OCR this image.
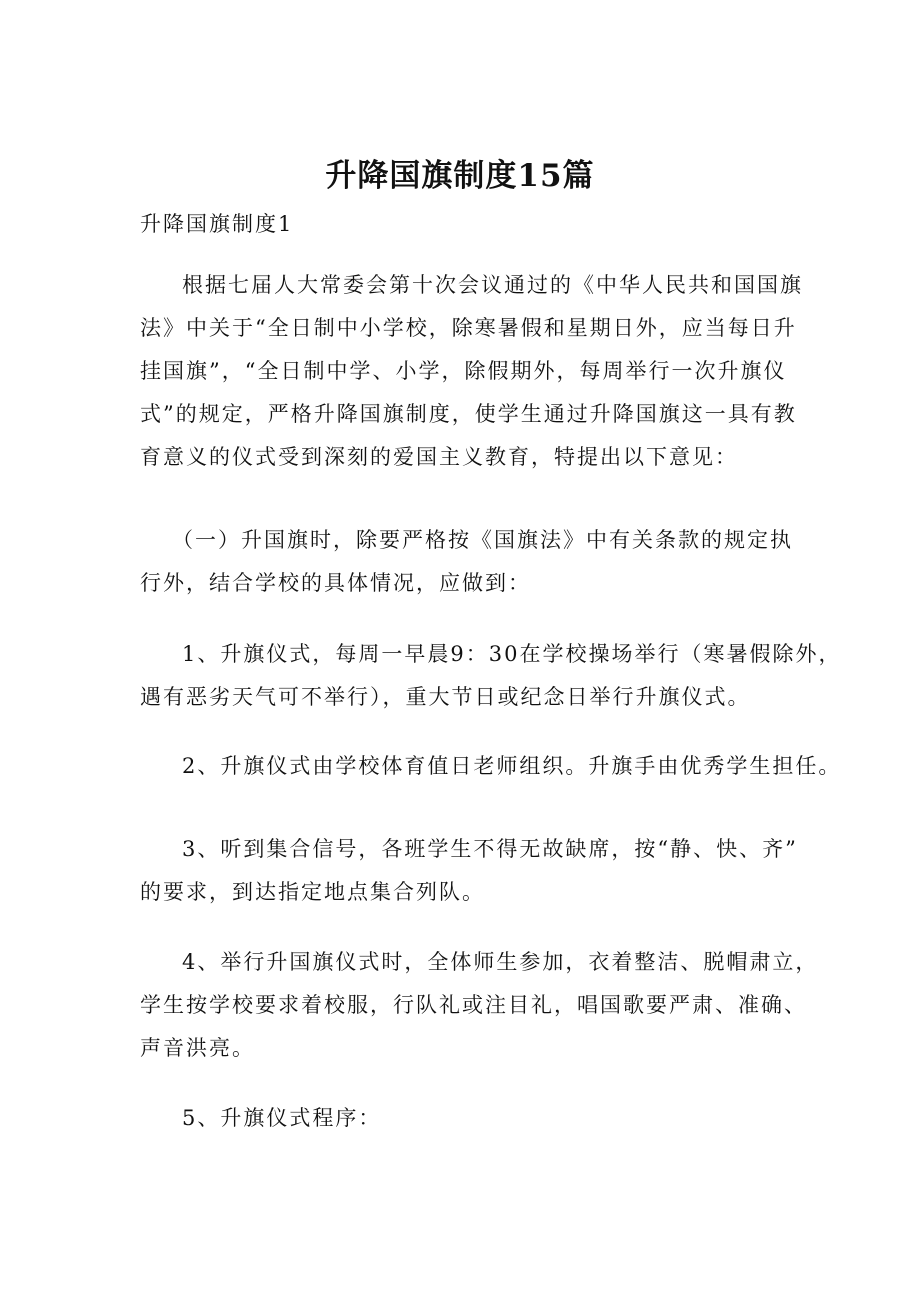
升降国旗制度15篇
升降国旗制度1
根据七届人大常委会第十次会议通过的《中华人民共和国国旗
法》中关于“全日制中小学校，除寒暑假和星期日外，应当每日升
挂国旗”，“全日制中学、小学，除假期外，每周举行一次升旗仪
式”的规定，严格升降国旗制度，使学生通过升降国旗这一具有教
育意义的仪式受到深刻的爱国主义教育，特提出以下意见：
（一）升国旗时，除要严格按《国旗法》中有关条款的规定执
行外，结合学校的具体情况，应做到：
1、升旗仪式，每周一早晨9：30在学校操场举行（寒暑假除外，
遇有恶劣天气可不举行），重大节日或纪念日举行升旗仪式。
2、升旗仪式由学校体育值日老师组织。升旗手由优秀学生担任。
3、听到集合信号，各班学生不得无故缺席，按“静、快、齐”
的要求，到达指定地点集合列队。
4、举行升国旗仪式时，全体师生参加，衣着整洁、脱帽肃立，
学生按学校要求着校服，行队礼或注目礼，唱国歌要严肃、准确、
声音洪亮。
5、升旗仪式程序：
